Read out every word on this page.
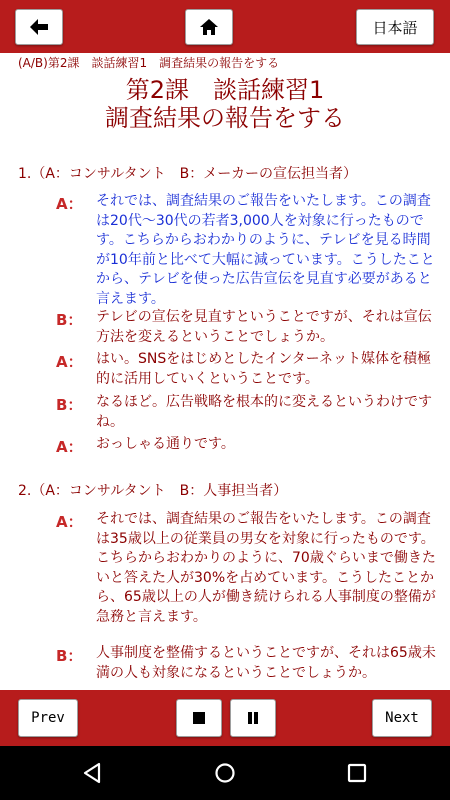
日本語
(A/B)第2課　談話練習1　調査結果の報告をする
第2課　談話練習1
調査結果の報告をする
1.（A：コンサルタント　B：メーカーの宣伝担当者）
A： それでは、調査結果のご報告をいたします。この調査は20代～30代の若者3,000人を対象に行ったものです。こちらからおわかりのように、テレビを見る時間が10年前と比べて大幅に減っています。こうしたことから、テレビを使った広告宣伝を見直す必要があると言えます。
B： テレビの宣伝を見直すということですが、それは宣伝方法を変えるということでしょうか。
A： はい。SNSをはじめとしたインターネット媒体を積極的に活用していくということです。
B： なるほど。広告戦略を根本的に変えるというわけですね。
A： おっしゃる通りです。
2.（A：コンサルタント　B：人事担当者）
A： それでは、調査結果のご報告をいたします。この調査は35歳以上の従業員の男女を対象に行ったものです。こちらからおわかりのように、70歳ぐらいまで働きたいと答えた人が30%を占めています。こうしたことから、65歳以上の人が働き続けられる人事制度の整備が急務と言えます。
B： 人事制度を整備するということですが、それは65歳未満の人も対象になるということでしょうか。
Prev	Next
